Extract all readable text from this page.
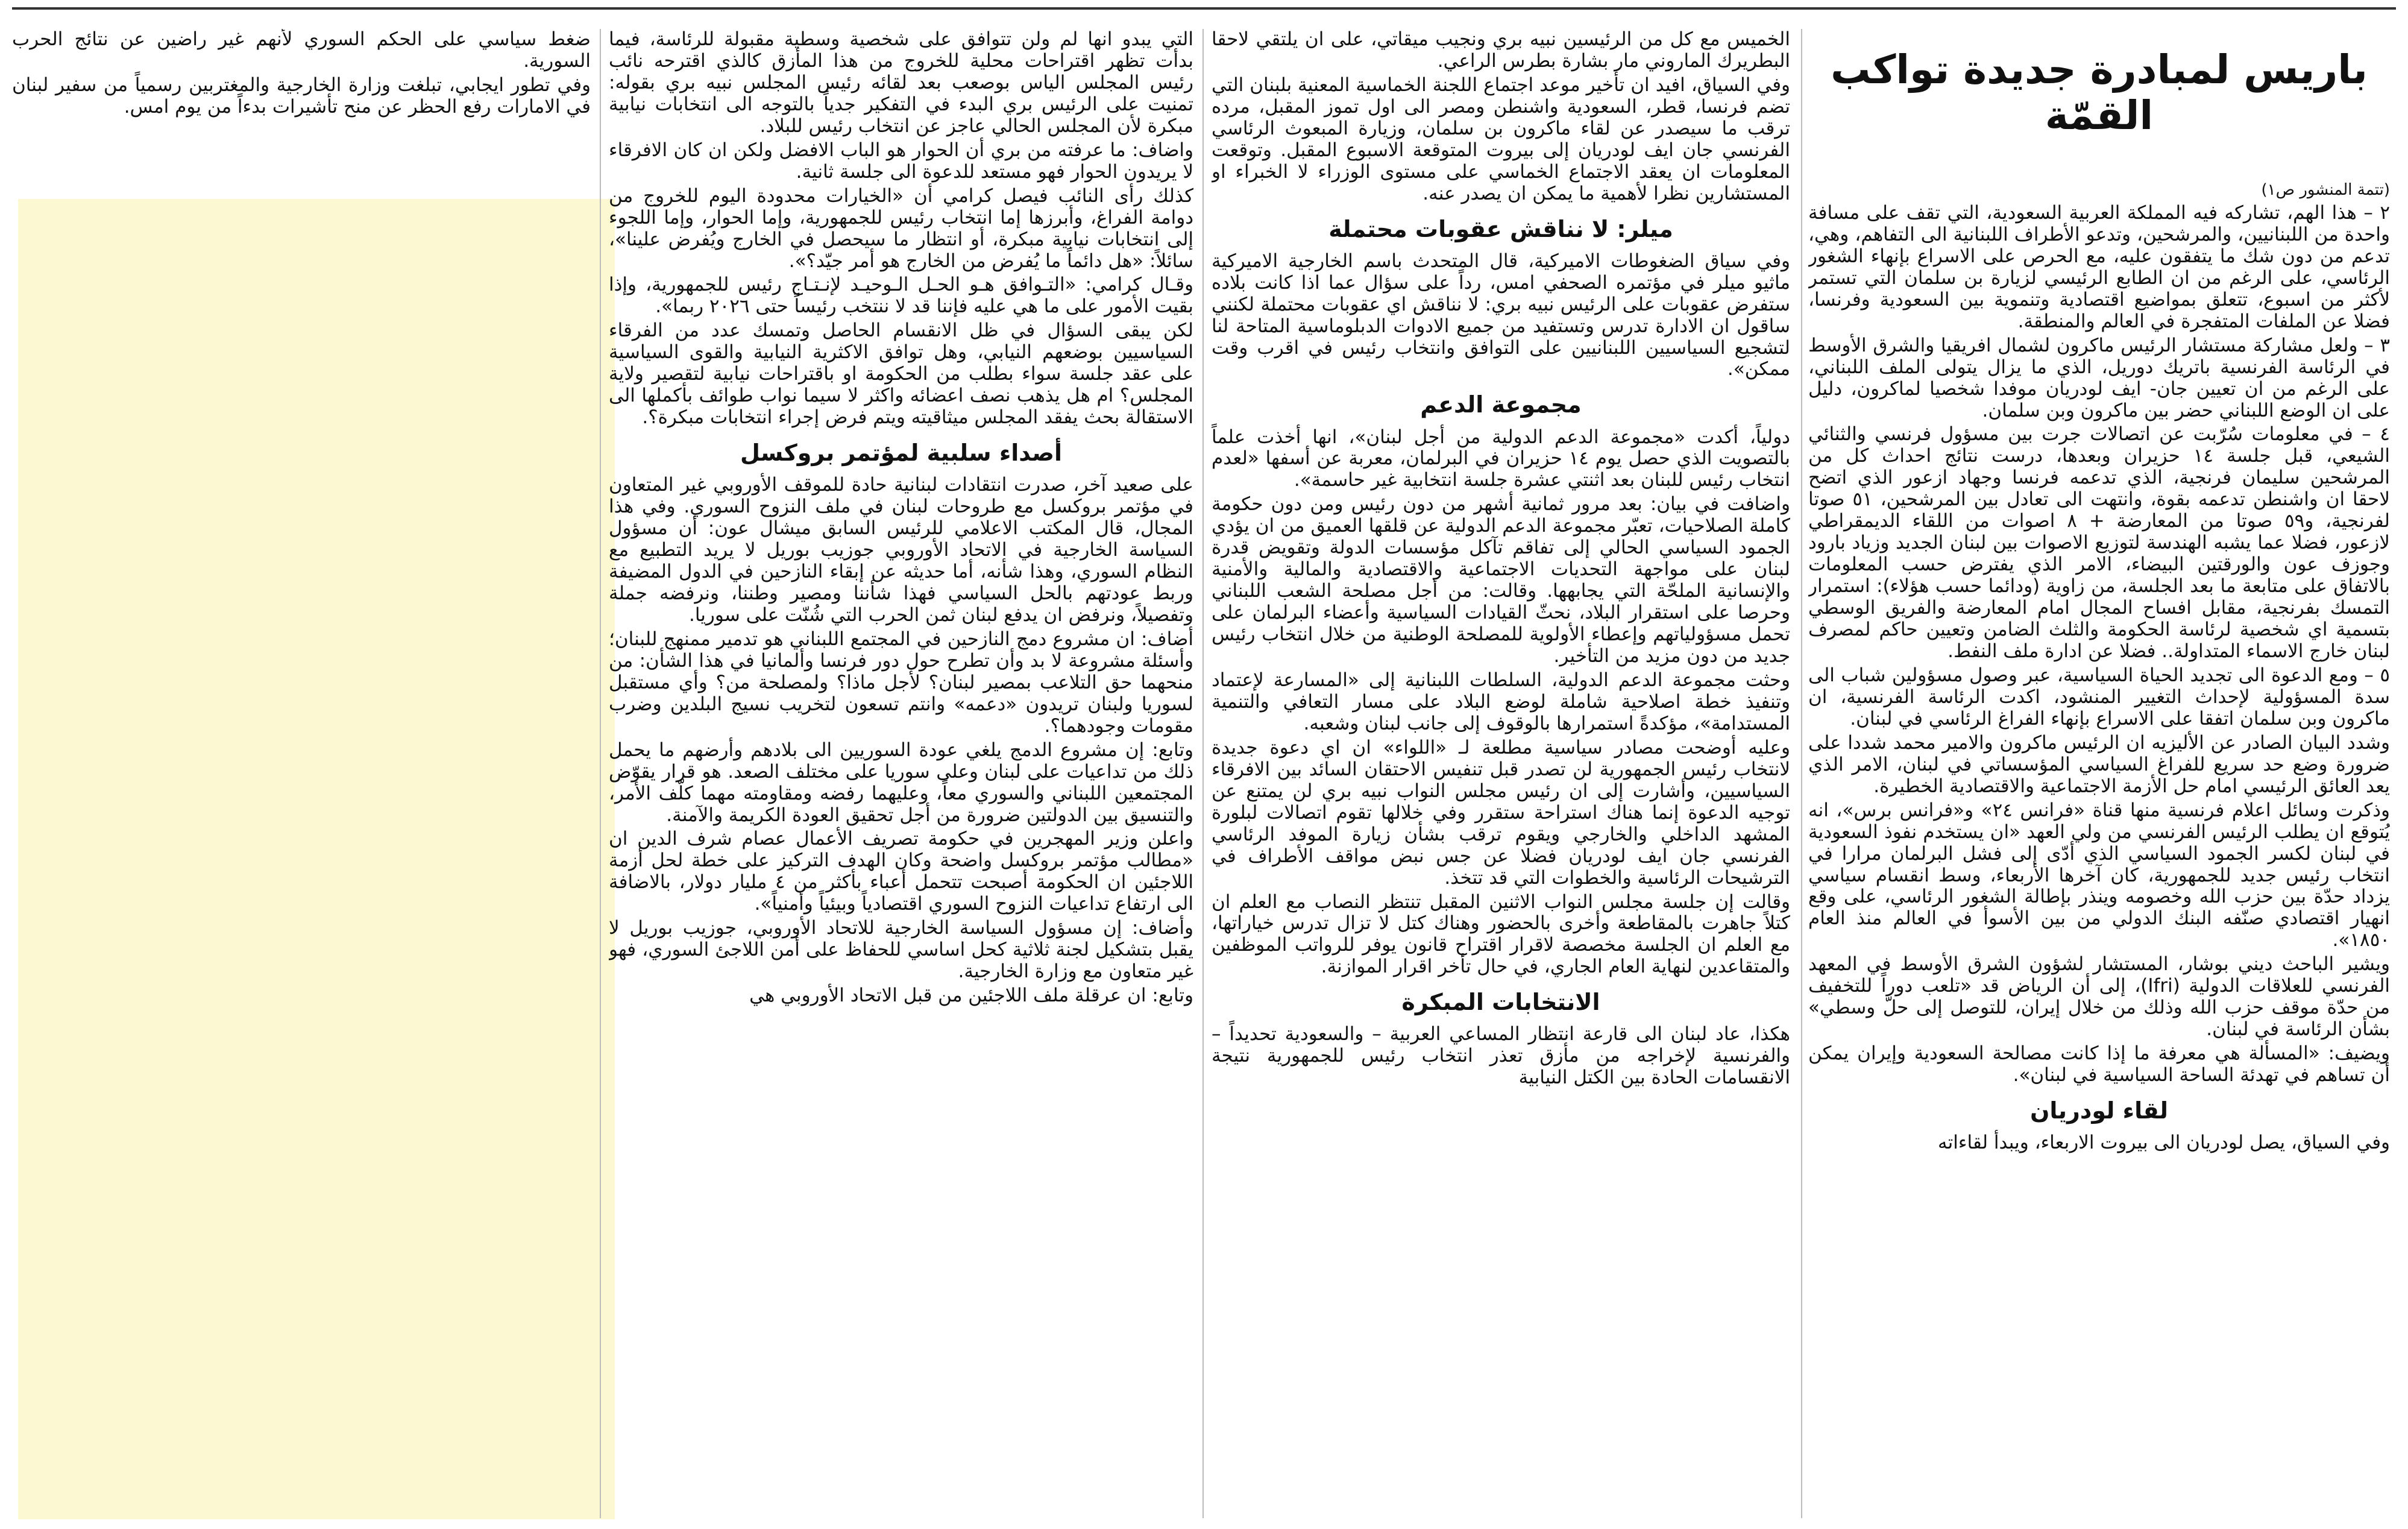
باريس لمبادرة جديدة تواكب القمّة
(تتمة المنشور ص١)

٢ – هذا الهم، تشاركه فيه المملكة العربية السعودية، التي تقف على مسافة واحدة من اللبنانيين، والمرشحين، وتدعو الأطراف اللبنانية الى التفاهم، وهي، تدعم من دون شك ما يتفقون عليه، مع الحرص على الاسراع بإنهاء الشغور الرئاسي، على الرغم من ان الطابع الرئيسي لزيارة بن سلمان التي تستمر لأكثر من اسبوع، تتعلق بمواضيع اقتصادية وتنموية بين السعودية وفرنسا، فضلا عن الملفات المتفجرة في العالم والمنطقة.

٣ – ولعل مشاركة مستشار الرئيس ماكرون لشمال افريقيا والشرق الأوسط في الرئاسة الفرنسية باتريك دوريل، الذي ما يزال يتولى الملف اللبناني، على الرغم من ان تعيين جان- ايف لودريان موفدا شخصيا لماكرون، دليل على ان الوضع اللبناني حضر بين ماكرون وبن سلمان.

٤ – في معلومات سُرّبت عن اتصالات جرت بين مسؤول فرنسي والثنائي الشيعي، قبل جلسة ١٤ حزيران وبعدها، درست نتائج احداث كل من المرشحين سليمان فرنجية، الذي تدعمه فرنسا وجهاد ازعور الذي اتضح لاحقا ان واشنطن تدعمه بقوة، وانتهت الى تعادل بين المرشحين، ٥١ صوتا لفرنجية، و٥٩ صوتا من المعارضة + ٨ اصوات من اللقاء الديمقراطي لازعور، فضلا عما يشبه الهندسة لتوزيع الاصوات بين لبنان الجديد وزياد بارود وجوزف عون والورقتين البيضاء، الامر الذي يفترض حسب المعلومات بالاتفاق على متابعة ما بعد الجلسة، من زاوية (ودائما حسب هؤلاء): استمرار التمسك بفرنجية، مقابل افساح المجال امام المعارضة والفريق الوسطي بتسمية اي شخصية لرئاسة الحكومة والثلث الضامن وتعيين حاكم لمصرف لبنان خارج الاسماء المتداولة.. فضلا عن ادارة ملف النفط.

٥ – ومع الدعوة الى تجديد الحياة السياسية، عبر وصول مسؤولين شباب الى سدة المسؤولية لإحداث التغيير المنشود، اكدت الرئاسة الفرنسية، ان ماكرون وبن سلمان اتفقا على الاسراع بإنهاء الفراغ الرئاسي في لبنان.

وشدد البيان الصادر عن الأليزيه ان الرئيس ماكرون والامير محمد شددا على ضرورة وضع حد سريع للفراغ السياسي المؤسساتي في لبنان، الامر الذي يعد العائق الرئيسي امام حل الأزمة الاجتماعية والاقتصادية الخطيرة.

وذكرت وسائل اعلام فرنسية منها قناة «فرانس ٢٤» و«فرانس برس»، انه يُتوقع ان يطلب الرئيس الفرنسي من ولي العهد «ان يستخدم نفوذ السعودية في لبنان لكسر الجمود السياسي الذي أدّى إلى فشل البرلمان مرارا في انتخاب رئيس جديد للجمهورية، كان آخرها الأربعاء، وسط انقسام سياسي يزداد حدّة بين حزب الله وخصومه وينذر بإطالة الشغور الرئاسي، على وقع انهيار اقتصادي صنّفه البنك الدولي من بين الأسوأ في العالم منذ العام ١٨٥٠».

ويشير الباحث ديني بوشار، المستشار لشؤون الشرق الأوسط في المعهد الفرنسي للعلاقات الدولية (Ifri)، إلى أن الرياض قد «تلعب دوراً للتخفيف من حدّة موقف حزب الله وذلك من خلال إيران، للتوصل إلى حلّ وسطي» بشأن الرئاسة في لبنان.

ويضيف: «المسألة هي معرفة ما إذا كانت مصالحة السعودية وإيران يمكن أن تساهم في تهدئة الساحة السياسية في لبنان».

لقاء لودريان

وفي السياق، يصل لودريان الى بيروت الاربعاء، ويبدأ لقاءاته

الخميس مع كل من الرئيسين نبيه بري ونجيب ميقاتي، على ان يلتقي لاحقا البطريرك الماروني مار بشارة بطرس الراعي.

وفي السياق، افيد ان تأخير موعد اجتماع اللجنة الخماسية المعنية بلبنان التي تضم فرنسا، قطر، السعودية واشنطن ومصر الى اول تموز المقبل، مرده ترقب ما سيصدر عن لقاء ماكرون بن سلمان، وزيارة المبعوث الرئاسي الفرنسي جان ايف لودريان إلى بيروت المتوقعة الاسبوع المقبل. وتوقعت المعلومات ان يعقد الاجتماع الخماسي على مستوى الوزراء لا الخبراء او المستشارين نظرا لأهمية ما يمكن ان يصدر عنه.

ميلر: لا نناقش عقوبات محتملة

وفي سياق الضغوطات الاميركية، قال المتحدث باسم الخارجية الاميركية ماثيو ميلر في مؤتمره الصحفي امس، رداً على سؤال عما اذا كانت بلاده ستفرض عقوبات على الرئيس نبيه بري: لا نناقش اي عقوبات محتملة لكنني ساقول ان الادارة تدرس وتستفيد من جميع الادوات الدبلوماسية المتاحة لنا لتشجيع السياسيين اللبنانيين على التوافق وانتخاب رئيس في اقرب وقت ممكن».

مجموعة الدعم

دولياً، أكدت «مجموعة الدعم الدولية من أجل لبنان»، انها أخذت علماً بالتصويت الذي حصل يوم ١٤ حزيران في البرلمان، معربة عن أسفها «لعدم انتخاب رئيس للبنان بعد اثنتي عشرة جلسة انتخابية غير حاسمة».

واضافت في بيان: بعد مرور ثمانية أشهر من دون رئيس ومن دون حكومة كاملة الصلاحيات، تعبّر مجموعة الدعم الدولية عن قلقها العميق من ان يؤدي الجمود السياسي الحالي إلى تفاقم تآكل مؤسسات الدولة وتقويض قدرة لبنان على مواجهة التحديات الاجتماعية والاقتصادية والمالية والأمنية والإنسانية الملحّة التي يجابهها. وقالت: من أجل مصلحة الشعب اللبناني وحرصا على استقرار البلاد، نحثّ القيادات السياسية وأعضاء البرلمان على تحمل مسؤولياتهم وإعطاء الأولوية للمصلحة الوطنية من خلال انتخاب رئيس جديد من دون مزيد من التأخير.

وحثت مجموعة الدعم الدولية، السلطات اللبنانية إلى «المسارعة لإعتماد وتنفيذ خطة اصلاحية شاملة لوضع البلاد على مسار التعافي والتنمية المستدامة»، مؤكدةً استمرارها بالوقوف إلى جانب لبنان وشعبه.

وعليه أوضحت مصادر سياسية مطلعة لـ «اللواء» ان اي دعوة جديدة لانتخاب رئيس الجمهورية لن تصدر قبل تنفيس الاحتقان السائد بين الافرقاء السياسيين، وأشارت إلى ان رئيس مجلس النواب نبيه بري لن يمتنع عن توجيه الدعوة إنما هناك استراحة ستقرر وفي خلالها تقوم اتصالات لبلورة المشهد الداخلي والخارجي ويقوم ترقب بشأن زيارة الموفد الرئاسي الفرنسي جان ايف لودريان فضلا عن جس نبض مواقف الأطراف في الترشيحات الرئاسية والخطوات التي قد تتخذ.

وقالت إن جلسة مجلس النواب الاثنين المقبل تنتظر النصاب مع العلم ان كتلاً جاهرت بالمقاطعة وأخرى بالحضور وهناك كتل لا تزال تدرس خياراتها، مع العلم ان الجلسة مخصصة لاقرار اقتراح قانون يوفر للرواتب الموظفين والمتقاعدين لنهاية العام الجاري، في حال تأخر اقرار الموازنة.

الانتخابات المبكرة

هكذا، عاد لبنان الى قارعة انتظار المساعي العربية – والسعودية تحديداً – والفرنسية لإخراجه من مأزق تعذر انتخاب رئيس للجمهورية نتيجة الانقسامات الحادة بين الكتل النيابية

التي يبدو انها لم ولن تتوافق على شخصية وسطية مقبولة للرئاسة، فيما بدأت تظهر اقتراحات محلية للخروج من هذا المأزق كالذي اقترحه نائب رئيس المجلس الياس بوصعب بعد لقائه رئيس المجلس نبيه بري بقوله: تمنيت على الرئيس بري البدء في التفكير جدياً بالتوجه الى انتخابات نيابية مبكرة لأن المجلس الحالي عاجز عن انتخاب رئيس للبلاد.

واضاف: ما عرفته من بري أن الحوار هو الباب الافضل ولكن ان كان الافرقاء لا يريدون الحوار فهو مستعد للدعوة الى جلسة ثانية.

كذلك رأى النائب فيصل كرامي أن «الخيارات محدودة اليوم للخروج من دوامة الفراغ، وأبرزها إما انتخاب رئيس للجمهورية، وإما الحوار، وإما اللجوء إلى انتخابات نيابية مبكرة، أو انتظار ما سيحصل في الخارج ويُفرض علينا»، سائلاً: «هل دائماً ما يُفرض من الخارج هو أمر جيّد؟».

وقـال كرامي: «التـوافق هـو الحـل الـوحيـد لإنـتـاج رئيس للجمهورية، وإذا بقيت الأمور على ما هي عليه فإننا قد لا ننتخب رئيساً حتى ٢٠٢٦ ربما».

لكن يبقى السؤال في ظل الانقسام الحاصل وتمسك عدد من الفرقاء السياسيين بوضعهم النيابي، وهل توافق الاكثرية النيابية والقوى السياسية على عقد جلسة سواء بطلب من الحكومة او باقتراحات نيابية لتقصير ولاية المجلس؟ ام هل يذهب نصف اعضائه واكثر لا سيما نواب طوائف بأكملها الى الاستقالة بحث يفقد المجلس ميثاقيته ويتم فرض إجراء انتخابات مبكرة؟.

أصداء سلبية لمؤتمر بروكسل

على صعيد آخر، صدرت انتقادات لبنانية حادة للموقف الأوروبي غير المتعاون في مؤتمر بروكسل مع طروحات لبنان في ملف النزوح السوري. وفي هذا المجال، قال المكتب الاعلامي للرئيس السابق ميشال عون: أن مسؤول السياسة الخارجية في الاتحاد الأوروبي جوزيب بوريل لا يريد التطبيع مع النظام السوري، وهذا شأنه، أما حديثه عن إبقاء النازحين في الدول المضيفة وربط عودتهم بالحل السياسي فهذا شأننا ومصير وطننا، ونرفضه جملة وتفصيلاً، ونرفض ان يدفع لبنان ثمن الحرب التي شُنّت على سوريا.

أضاف: ان مشروع دمج النازحين في المجتمع اللبناني هو تدمير ممنهج للبنان؛ وأسئلة مشروعة لا بد وأن تطرح حول دور فرنسا وألمانيا في هذا الشأن: من منحهما حق التلاعب بمصير لبنان؟ لأجل ماذا؟ ولمصلحة من؟ وأي مستقبل لسوريا ولبنان تريدون «دعمه» وانتم تسعون لتخريب نسيج البلدين وضرب مقومات وجودهما؟.

وتابع: إن مشروع الدمج يلغي عودة السوريين الى بلادهم وأرضهم ما يحمل ذلك من تداعيات على لبنان وعلى سوريا على مختلف الصعد. هو قرار يقوّض المجتمعين اللبناني والسوري معاً، وعليهما رفضه ومقاومته مهما كلّف الأمر، والتنسيق بين الدولتين ضرورة من أجل تحقيق العودة الكريمة والآمنة.

واعلن وزير المهجرين في حكومة تصريف الأعمال عصام شرف الدين ان «مطالب مؤتمر بروكسل واضحة وكان الهدف التركيز على خطة لحل أزمة اللاجئين ان الحكومة أصبحت تتحمل أعباء بأكثر من ٤ مليار دولار، بالاضافة الى ارتفاع تداعيات النزوح السوري اقتصادياً وبيئياً وأمنياً».

وأضاف: إن مسؤول السياسة الخارجية للاتحاد الأوروبي، جوزيب بوريل لا يقبل بتشكيل لجنة ثلاثية كحل اساسي للحفاظ على أمن اللاجئ السوري، فهو غير متعاون مع وزارة الخارجية.

وتابع: ان عرقلة ملف اللاجئين من قبل الاتحاد الأوروبي هي

ضغط سياسي على الحكم السوري لأنهم غير راضين عن نتائج الحرب السورية.

وفي تطور ايجابي، تبلغت وزارة الخارجية والمغتربين رسمياً من سفير لبنان في الامارات رفع الحظر عن منح تأشيرات بدءاً من يوم امس.
